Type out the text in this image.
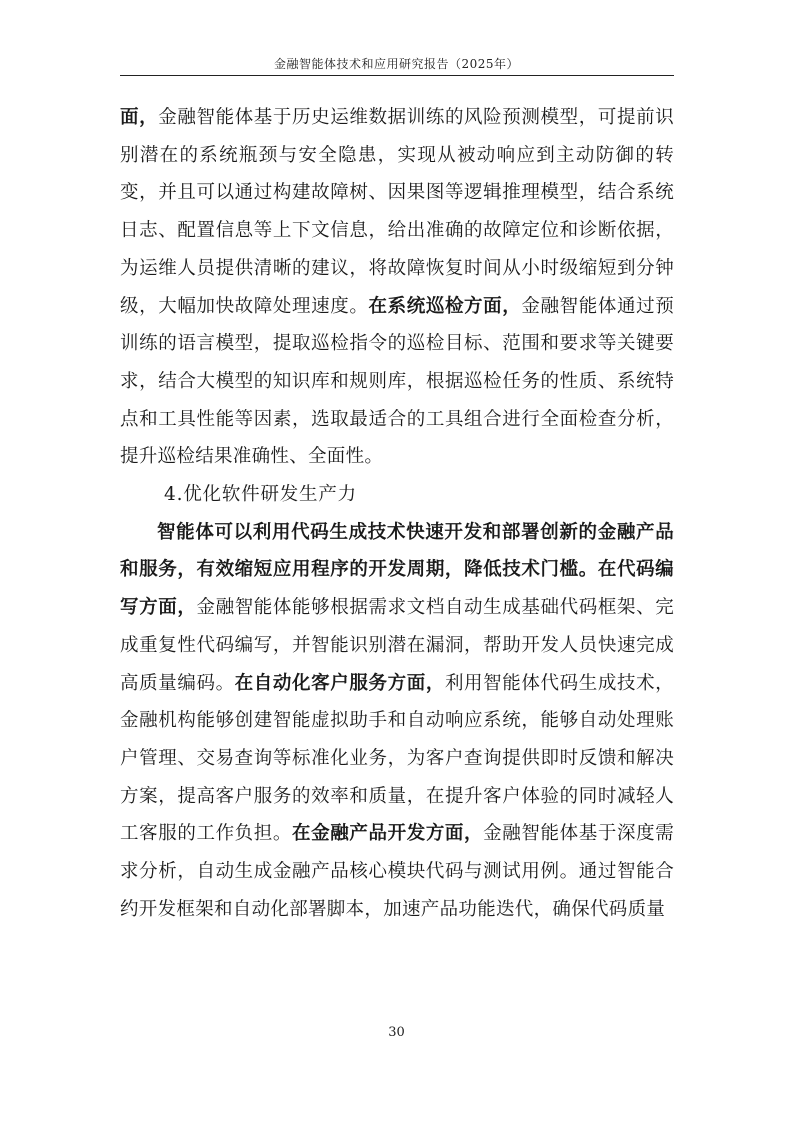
金融智能体技术和应用研究报告（2025年）

面，金融智能体基于历史运维数据训练的风险预测模型，可提前识别潜在的系统瓶颈与安全隐患，实现从被动响应到主动防御的转变，并且可以通过构建故障树、因果图等逻辑推理模型，结合系统日志、配置信息等上下文信息，给出准确的故障定位和诊断依据，为运维人员提供清晰的建议，将故障恢复时间从小时级缩短到分钟级，大幅加快故障处理速度。在系统巡检方面，金融智能体通过预训练的语言模型，提取巡检指令的巡检目标、范围和要求等关键要求，结合大模型的知识库和规则库，根据巡检任务的性质、系统特点和工具性能等因素，选取最适合的工具组合进行全面检查分析，提升巡检结果准确性、全面性。

4.优化软件研发生产力

智能体可以利用代码生成技术快速开发和部署创新的金融产品和服务，有效缩短应用程序的开发周期，降低技术门槛。在代码编写方面，金融智能体能够根据需求文档自动生成基础代码框架、完成重复性代码编写，并智能识别潜在漏洞，帮助开发人员快速完成高质量编码。在自动化客户服务方面，利用智能体代码生成技术，金融机构能够创建智能虚拟助手和自动响应系统，能够自动处理账户管理、交易查询等标准化业务，为客户查询提供即时反馈和解决方案，提高客户服务的效率和质量，在提升客户体验的同时减轻人工客服的工作负担。在金融产品开发方面，金融智能体基于深度需求分析，自动生成金融产品核心模块代码与测试用例。通过智能合约开发框架和自动化部署脚本，加速产品功能迭代，确保代码质量

30
